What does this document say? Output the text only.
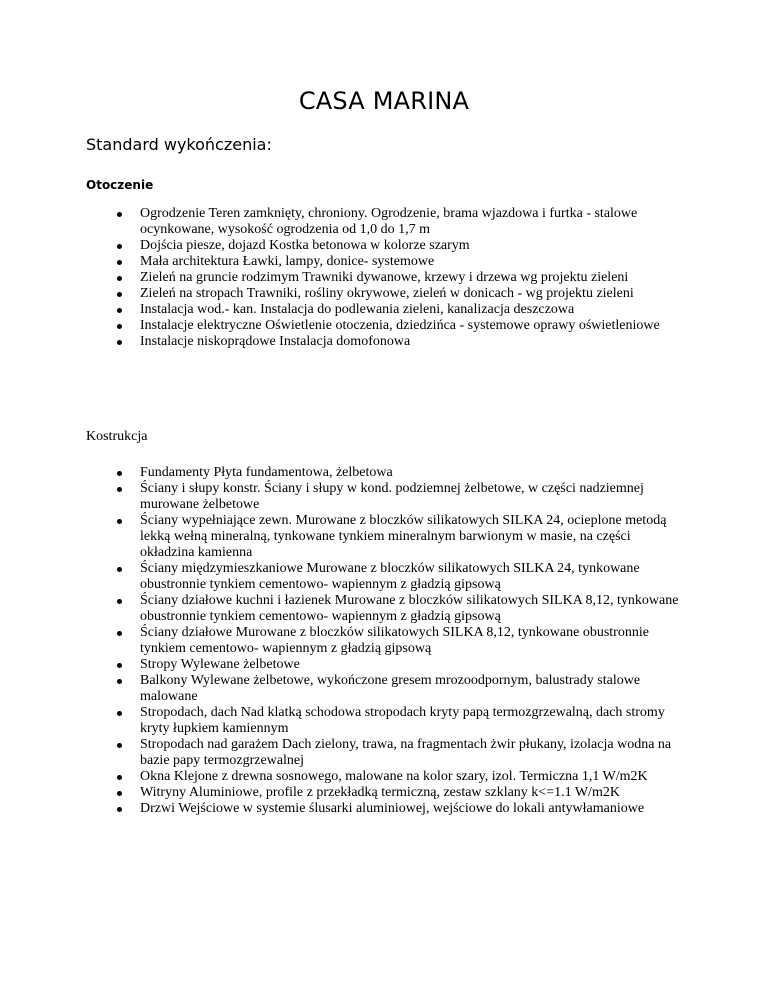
CASA MARINA
Standard wykończenia:
Otoczenie
Ogrodzenie Teren zamknięty, chroniony. Ogrodzenie, brama wjazdowa i furtka - stalowe ocynkowane, wysokość ogrodzenia od 1,0 do 1,7 m
Dojścia piesze, dojazd Kostka betonowa w kolorze szarym
Mała architektura Ławki, lampy, donice- systemowe
Zieleń na gruncie rodzimym Trawniki dywanowe, krzewy i drzewa wg projektu zieleni
Zieleń na stropach Trawniki, rośliny okrywowe, zieleń w donicach - wg projektu zieleni
Instalacja wod.- kan. Instalacja do podlewania zieleni, kanalizacja deszczowa
Instalacje elektryczne Oświetlenie otoczenia, dziedzińca - systemowe oprawy oświetleniowe
Instalacje niskoprądowe Instalacja domofonowa
Kostrukcja
Fundamenty Płyta fundamentowa, żelbetowa
Ściany i słupy konstr. Ściany i słupy w kond. podziemnej żelbetowe, w części nadziemnej murowane żelbetowe
Ściany wypełniające zewn. Murowane z bloczków silikatowych SILKA 24, ocieplone metodą lekką wełną mineralną, tynkowane tynkiem mineralnym barwionym w masie, na części okładzina kamienna
Ściany międzymieszkaniowe Murowane z bloczków silikatowych SILKA 24, tynkowane obustronnie tynkiem cementowo- wapiennym z gładzią gipsową
Ściany działowe kuchni i łazienek Murowane z bloczków silikatowych SILKA 8,12, tynkowane obustronnie tynkiem cementowo- wapiennym z gładzią gipsową
Ściany działowe Murowane z bloczków silikatowych SILKA 8,12, tynkowane obustronnie tynkiem cementowo- wapiennym z gładzią gipsową
Stropy Wylewane żelbetowe
Balkony Wylewane żelbetowe, wykończone gresem mrozoodpornym, balustrady stalowe malowane
Stropodach, dach Nad klatką schodowa stropodach kryty papą termozgrzewalną, dach stromy kryty łupkiem kamiennym
Stropodach nad garażem Dach zielony, trawa, na fragmentach żwir płukany, izolacja wodna na bazie papy termozgrzewalnej
Okna Klejone z drewna sosnowego, malowane na kolor szary, izol. Termiczna 1,1 W/m2K
Witryny Aluminiowe, profile z przekładką termiczną, zestaw szklany k<=1.1 W/m2K
Drzwi Wejściowe w systemie ślusarki aluminiowej, wejściowe do lokali antywłamaniowe
